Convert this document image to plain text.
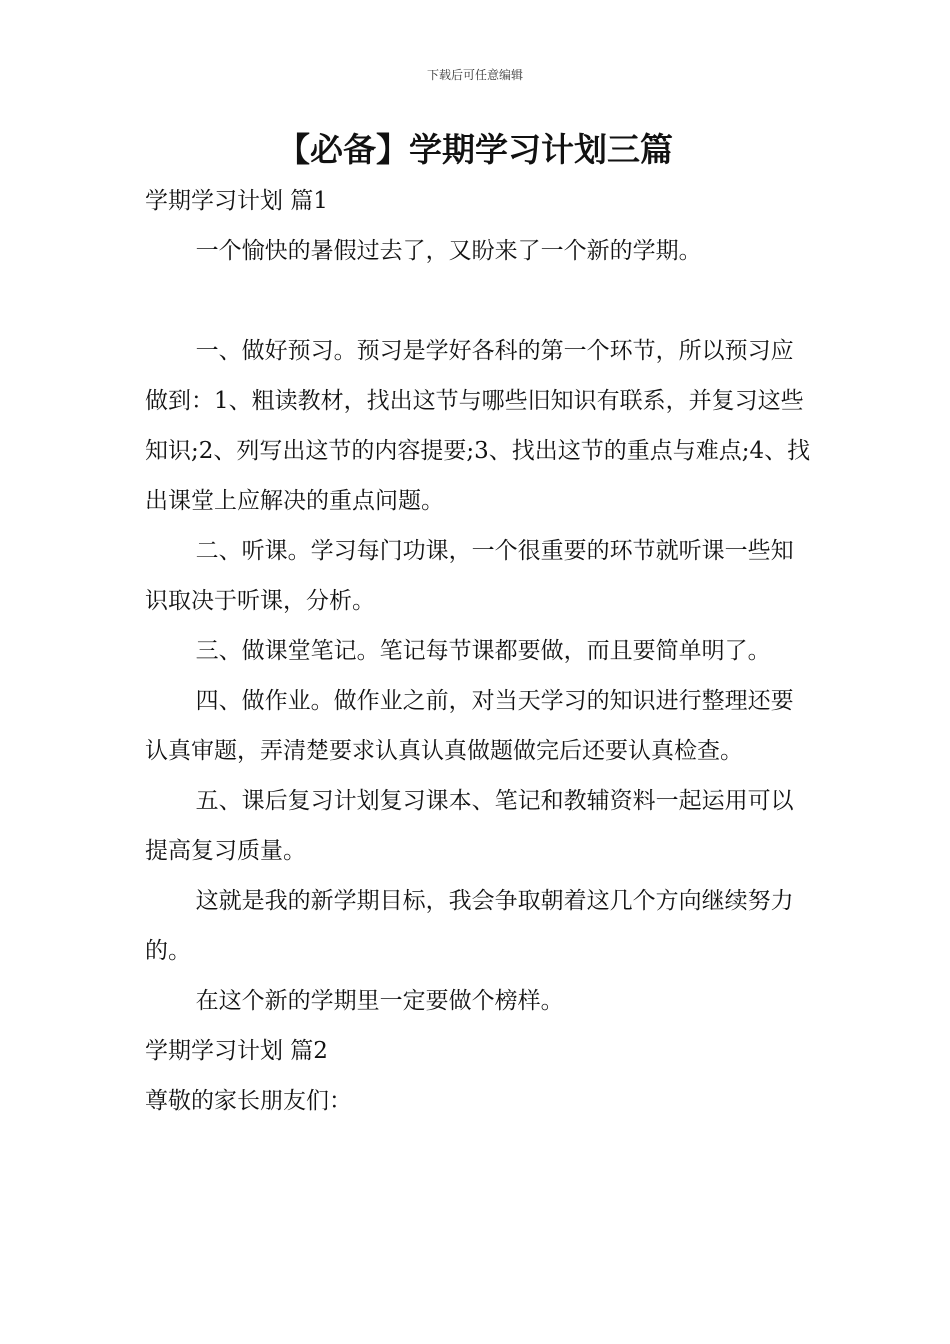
下载后可任意编辑
【必备】学期学习计划三篇

学期学习计划 篇1

一个愉快的暑假过去了，又盼来了一个新的学期。

一、做好预习。预习是学好各科的第一个环节，所以预习应做到：1、粗读教材，找出这节与哪些旧知识有联系，并复习这些知识;2、列写出这节的内容提要;3、找出这节的重点与难点;4、找出课堂上应解决的重点问题。

二、听课。学习每门功课，一个很重要的环节就听课一些知识取决于听课，分析。

三、做课堂笔记。笔记每节课都要做，而且要简单明了。

四、做作业。做作业之前，对当天学习的知识进行整理还要认真审题，弄清楚要求认真认真做题做完后还要认真检查。

五、课后复习计划复习课本、笔记和教辅资料一起运用可以提高复习质量。

这就是我的新学期目标，我会争取朝着这几个方向继续努力的。

在这个新的学期里一定要做个榜样。

学期学习计划 篇2

尊敬的家长朋友们：
